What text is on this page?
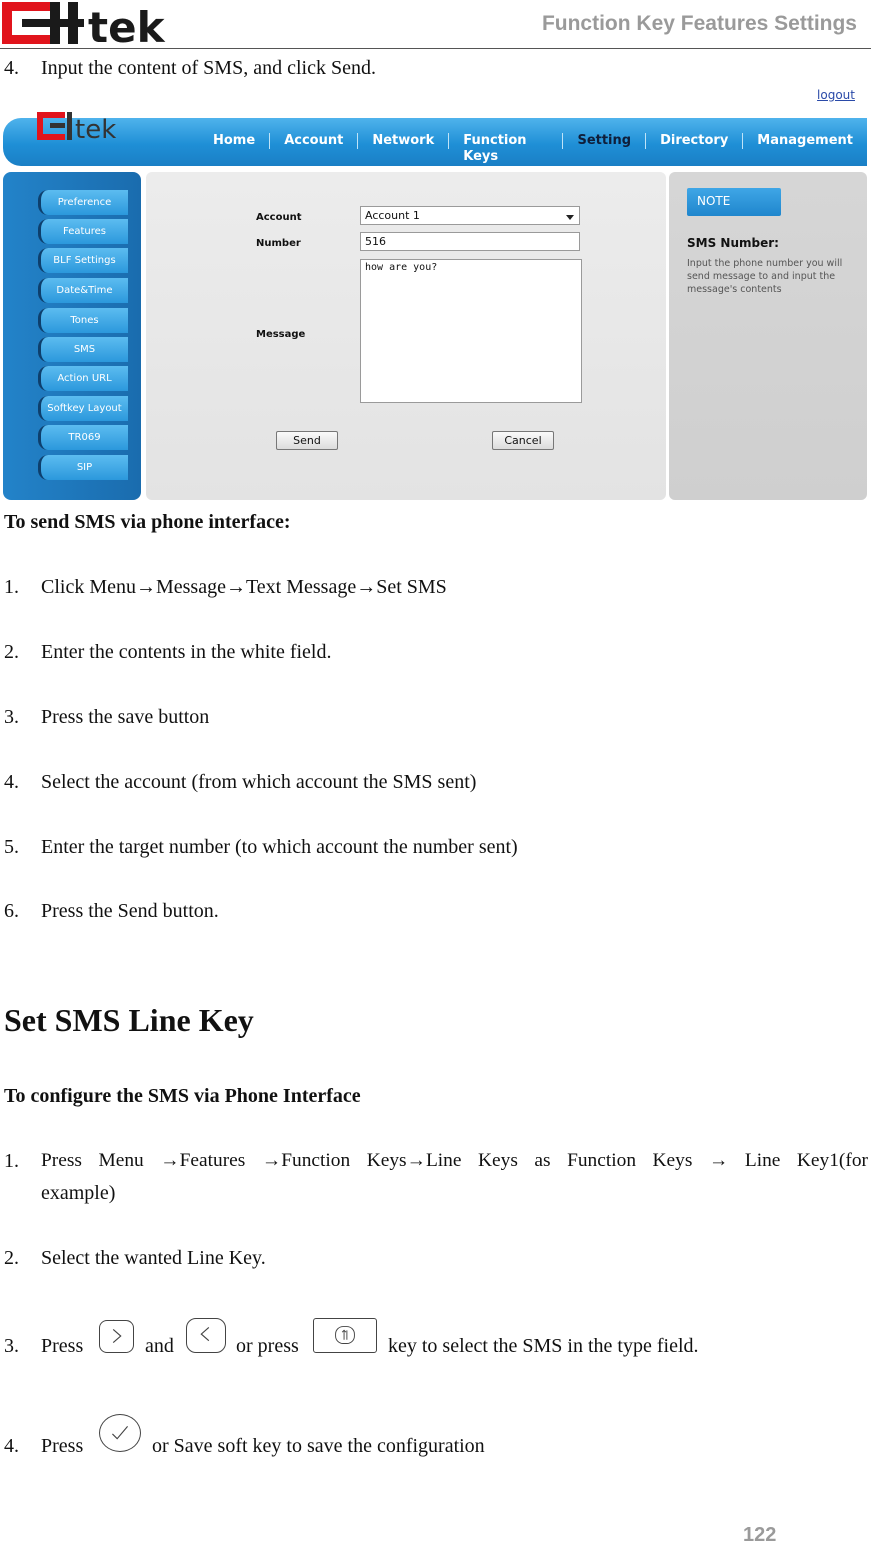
tek	Function Key Features Settings
4. Input the content of SMS, and click Send.
logout
tek	Home	Account	Network	Function Keys
Setting	Directory	Management
Preference
Features
BLF Settings
Date&Time
Tones
SMS
Action URL
Softkey Layout
TR069
SIP
Account	Account 1
Number	516
Message
how are you?
Send	Cancel
NOTE
SMS Number:
Input the phone number you will send message to and input the message's contents
To send SMS via phone interface:
1. Click Menu→Message→Text Message→Set SMS
2. Enter the contents in the white field.
3. Press the save button
4. Select the account (from which account the SMS sent)
5. Enter the target number (to which account the number sent)
6. Press the Send button.
Set SMS Line Key
To configure the SMS via Phone Interface
1. Press Menu →Features →Function Keys→Line Keys as Function Keys → Line Key1(for
example)
2. Select the wanted Line Key.
3. Press	and	or press	key to select the SMS in the type field.
4. Press	or Save soft key to save the configuration
122
